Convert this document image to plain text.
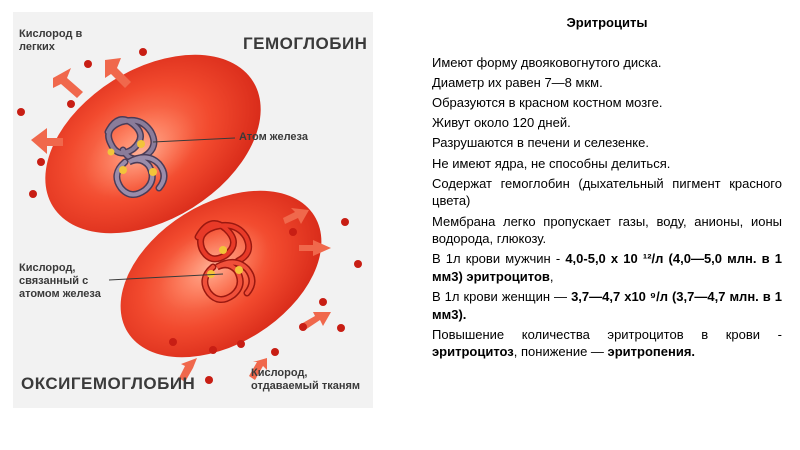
Кислород в легких	ГЕМОГЛОБИН
Атом железа
Кислород, связанный с атомом железа
ОКСИГЕМОГЛОБИН
Кислород, отдаваемый тканям
Эритроциты
Имеют форму двояковогнутого диска.
Диаметр их равен 7—8 мкм.
Образуются в красном костном мозге.
Живут около 120 дней.
Разрушаются в печени и селезенке.
Не имеют ядра, не способны делиться.
Содержат гемоглобин (дыхательный пигмент красного цвета)
Мембрана легко пропускает газы, воду, анионы, ионы водорода, глюкозу.
В 1л крови мужчин - 4,0-5,0 х 10 ¹²/л (4,0—5,0 млн. в 1 мм3) эритроцитов,
В 1л крови женщин — 3,7—4,7 х10 ⁹/л (3,7—4,7 млн. в 1 мм3).
Повышение количества эритроцитов в крови - эритроцитоз, понижение — эритропения.
